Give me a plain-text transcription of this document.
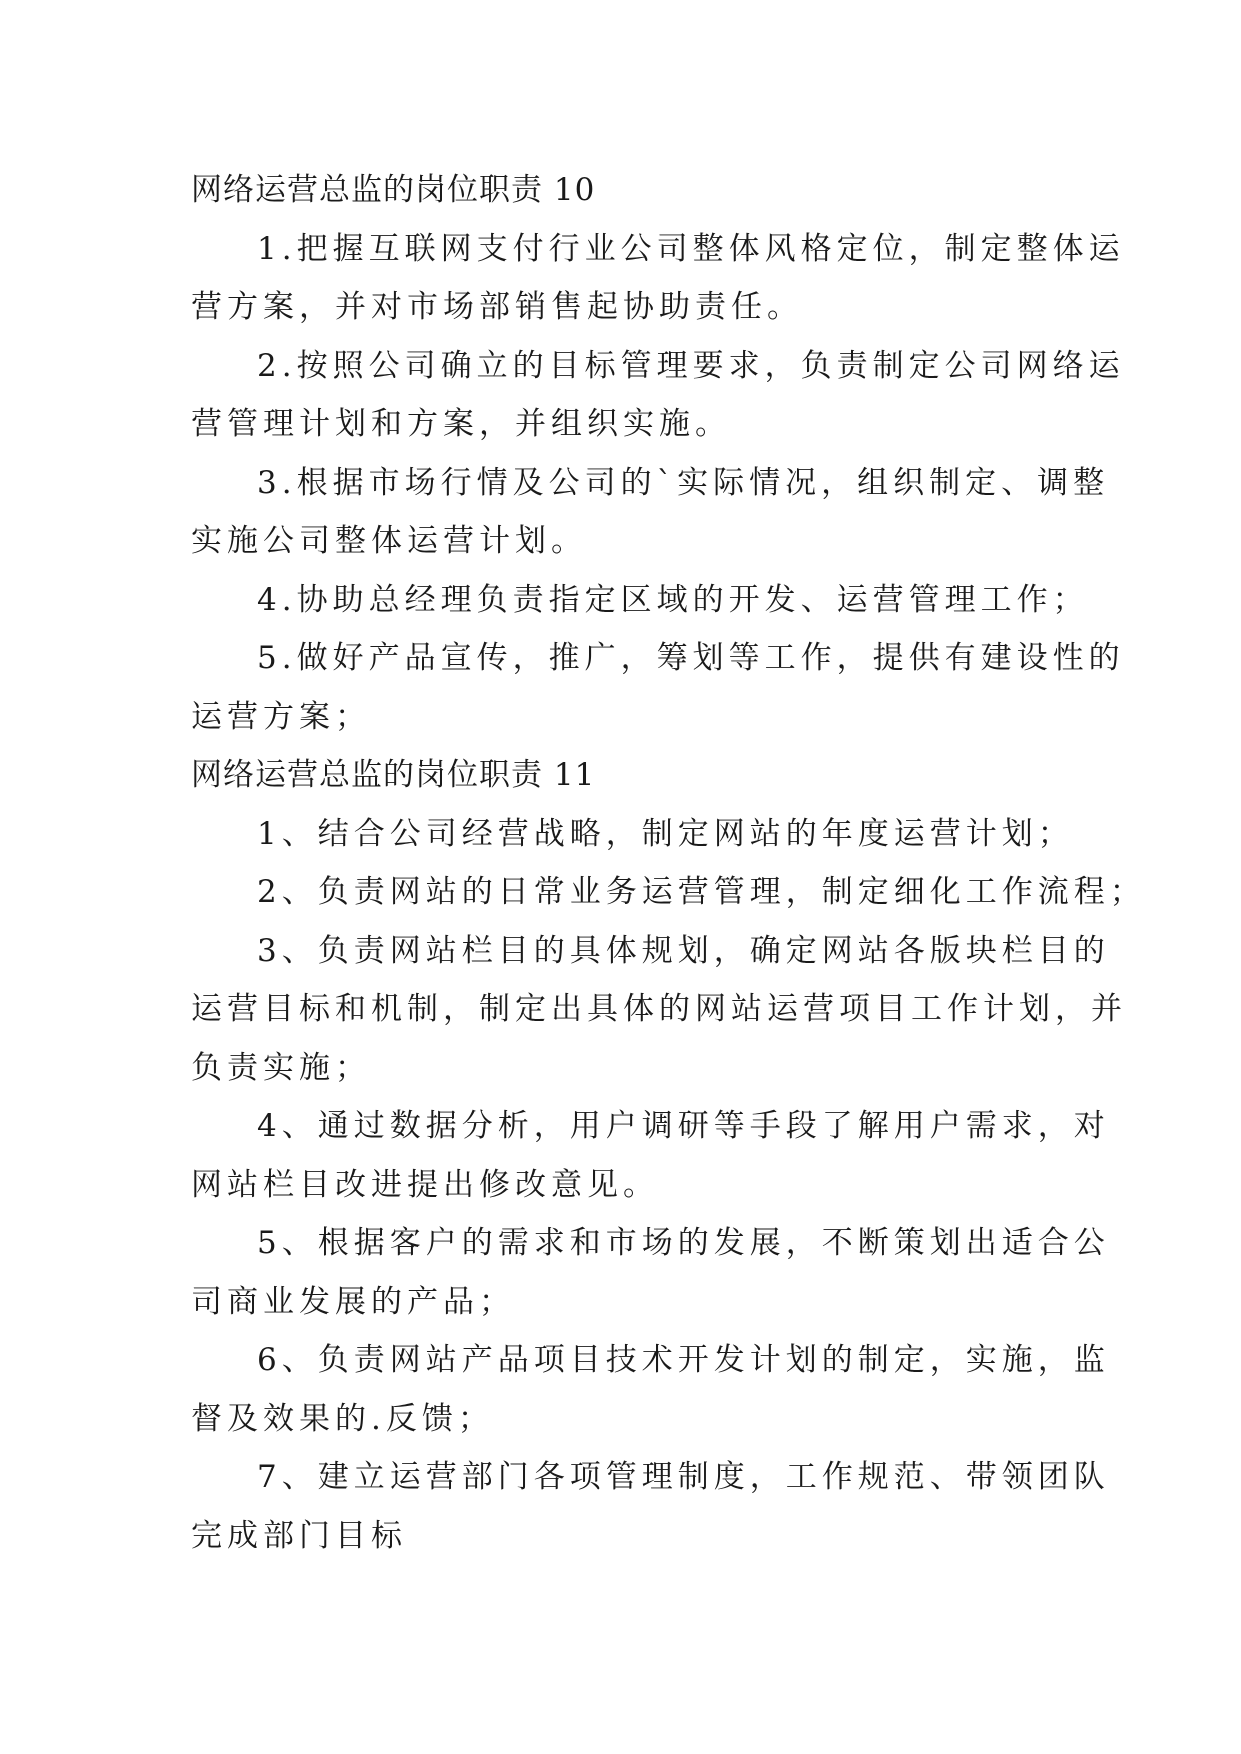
网络运营总监的岗位职责 10
1.把握互联网支付行业公司整体风格定位，制定整体运
营方案，并对市场部销售起协助责任。
2.按照公司确立的目标管理要求，负责制定公司网络运
营管理计划和方案，并组织实施。
3.根据市场行情及公司的`实际情况，组织制定、调整
实施公司整体运营计划。
4.协助总经理负责指定区域的开发、运营管理工作；
5.做好产品宣传，推广，筹划等工作，提供有建设性的
运营方案；
网络运营总监的岗位职责 11
1、结合公司经营战略，制定网站的年度运营计划；
2、负责网站的日常业务运营管理，制定细化工作流程；
3、负责网站栏目的具体规划，确定网站各版块栏目的
运营目标和机制，制定出具体的网站运营项目工作计划，并
负责实施；
4、通过数据分析，用户调研等手段了解用户需求，对
网站栏目改进提出修改意见。
5、根据客户的需求和市场的发展，不断策划出适合公
司商业发展的产品；
6、负责网站产品项目技术开发计划的制定，实施，监
督及效果的.反馈；
7、建立运营部门各项管理制度，工作规范、带领团队
完成部门目标
